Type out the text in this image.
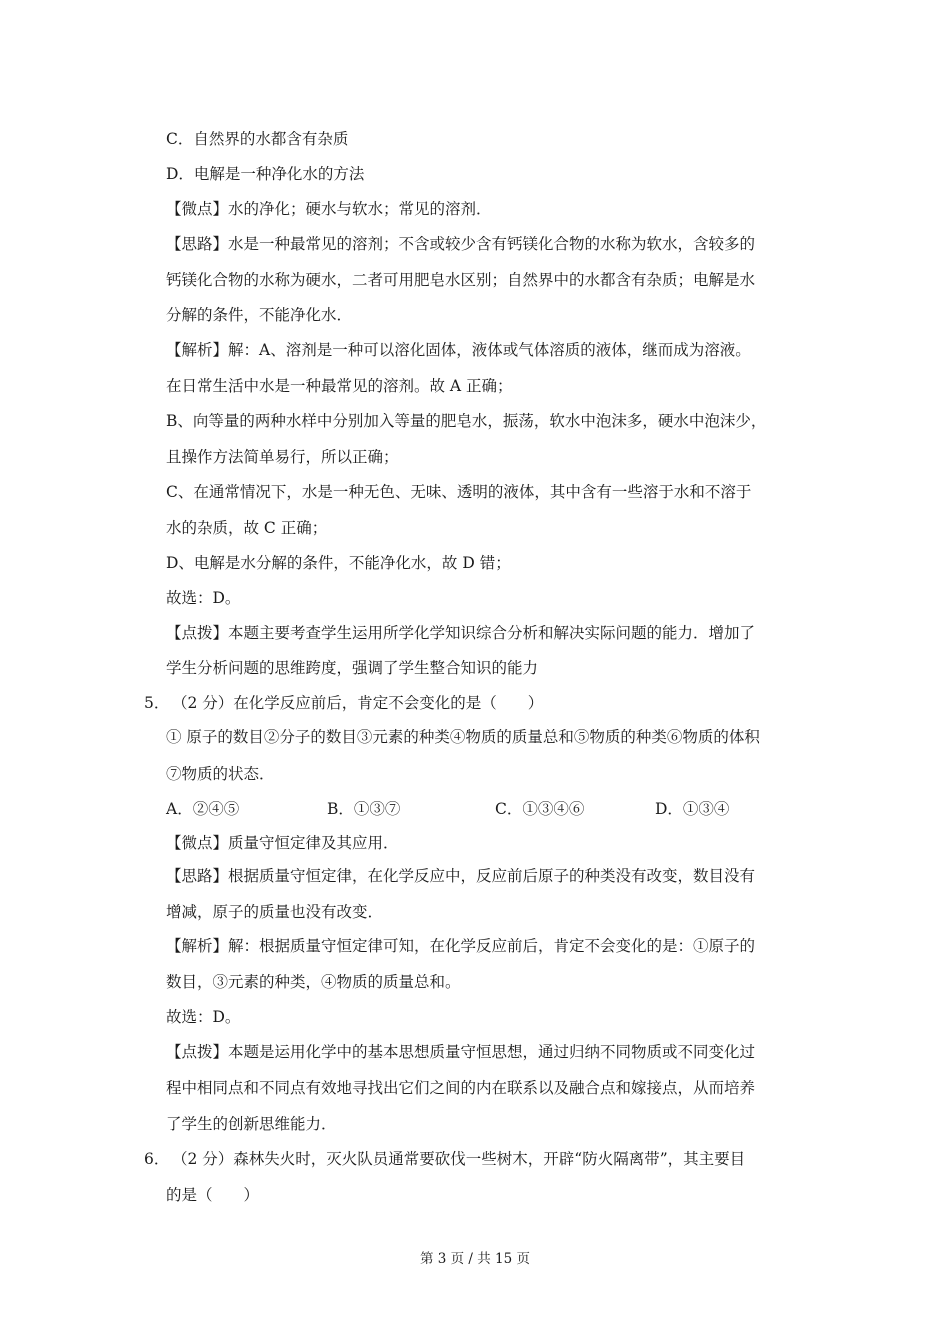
C．自然界的水都含有杂质
D．电解是一种净化水的方法
【微点】水的净化；硬水与软水；常见的溶剂．
【思路】水是一种最常见的溶剂；不含或较少含有钙镁化合物的水称为软水，含较多的
钙镁化合物的水称为硬水，二者可用肥皂水区别；自然界中的水都含有杂质；电解是水
分解的条件，不能净化水．
【解析】解：A、溶剂是一种可以溶化固体，液体或气体溶质的液体，继而成为溶液。
在日常生活中水是一种最常见的溶剂。故 A 正确；
B、向等量的两种水样中分别加入等量的肥皂水，振荡，软水中泡沫多，硬水中泡沫少，
且操作方法简单易行，所以正确；
C、在通常情况下，水是一种无色、无味、透明的液体，其中含有一些溶于水和不溶于
水的杂质，故 C 正确；
D、电解是水分解的条件，不能净化水，故 D 错；
故选：D。
【点拨】本题主要考查学生运用所学化学知识综合分析和解决实际问题的能力．增加了
学生分析问题的思维跨度，强调了学生整合知识的能力
5． （2 分）在化学反应前后，肯定不会变化的是（　　）
① 原子的数目②分子的数目③元素的种类④物质的质量总和⑤物质的种类⑥物质的体积
⑦物质的状态．
A．②④⑤	B．①③⑦	C．①③④⑥	D．①③④
【微点】质量守恒定律及其应用．
【思路】根据质量守恒定律，在化学反应中，反应前后原子的种类没有改变，数目没有
增减，原子的质量也没有改变．
【解析】解：根据质量守恒定律可知，在化学反应前后，肯定不会变化的是：①原子的
数目，③元素的种类，④物质的质量总和。
故选：D。
【点拨】本题是运用化学中的基本思想质量守恒思想，通过归纳不同物质或不同变化过
程中相同点和不同点有效地寻找出它们之间的内在联系以及融合点和嫁接点，从而培养
了学生的创新思维能力．
6． （2 分）森林失火时，灭火队员通常要砍伐一些树木，开辟“防火隔离带”，其主要目
的是（　　）
第 3 页 / 共 15 页
